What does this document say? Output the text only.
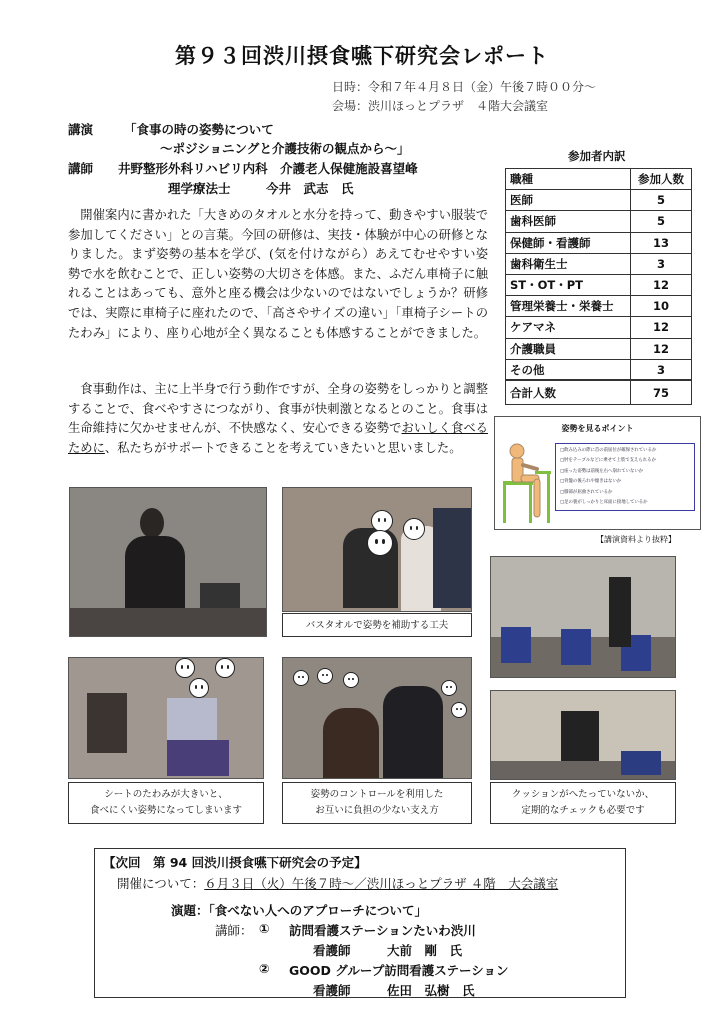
第９３回渋川摂食嚥下研究会レポート
日時：令和７年４月８日（金）午後７時００分～
会場：渋川ほっとプラザ　４階大会議室
講演 「食事の時の姿勢について
～ポジショニングと介護技術の観点から～」
講師 井野整形外科リハビリ内科　介護老人保健施設喜望峰
理学療法士	今井　武志　氏
開催案内に書かれた「大きめのタオルと水分を持って、動きやすい服装で参加してください」との言葉。今回の研修は、実技・体験が中心の研修となりました。まず姿勢の基本を学び、(気を付けながら）あえてむせやすい姿勢で水を飲むことで、正しい姿勢の大切さを体感。また、ふだん車椅子に触れることはあっても、意外と座る機会は少ないのではないでしょうか？研修では、実際に車椅子に座れたので、「高さやサイズの違い」「車椅子シートのたわみ」により、座り心地が全く異なることも体感することができました。
食事動作は、主に上半身で行う動作ですが、全身の姿勢をしっかりと調整することで、食べやすさにつながり、食事が快刺激となるとのこと。食事は生命維持に欠かせませんが、不快感なく、安心できる姿勢でおいしく食べるために、私たちがサポートできることを考えていきたいと思いました。
参加者内訳
職種	参加人数
医師	5
歯科医師	5
保健師・看護師	13
歯科衛生士	3
ST・OT・PT	12
管理栄養士・栄養士	10
ケアマネ	12
介護職員	12
その他	3
合計人数	75
姿勢を見るポイント
□飲み込みの際に首の前屈位が確保されているか
□肘をテーブルなどに乗せて上肢で支えられるか
□座った姿勢は前後左右へ崩れていないか
□骨盤の後ろれや傾きはないか
□膝部が屈曲されているか
□足の裏がしっかりと床面に接地しているか
【講演資料より抜粋】
バスタオルで姿勢を補助する工夫
シートのたわみが大きいと、
食べにくい姿勢になってしまいます
姿勢のコントロールを利用した
お互いに負担の少ない支え方
クッションがへたっていないか、
定期的なチェックも必要です
【次回　第 94 回渋川摂食嚥下研究会の予定】
開催について：６月３日（火）午後７時～／渋川ほっとプラザ ４階　大会議室
演題：「食べない人へのアプローチについて」
講師： ① 訪問看護ステーションたいわ渋川
看護師	大前　剛　氏
② GOOD グループ訪問看護ステーション
看護師	佐田　弘樹　氏
